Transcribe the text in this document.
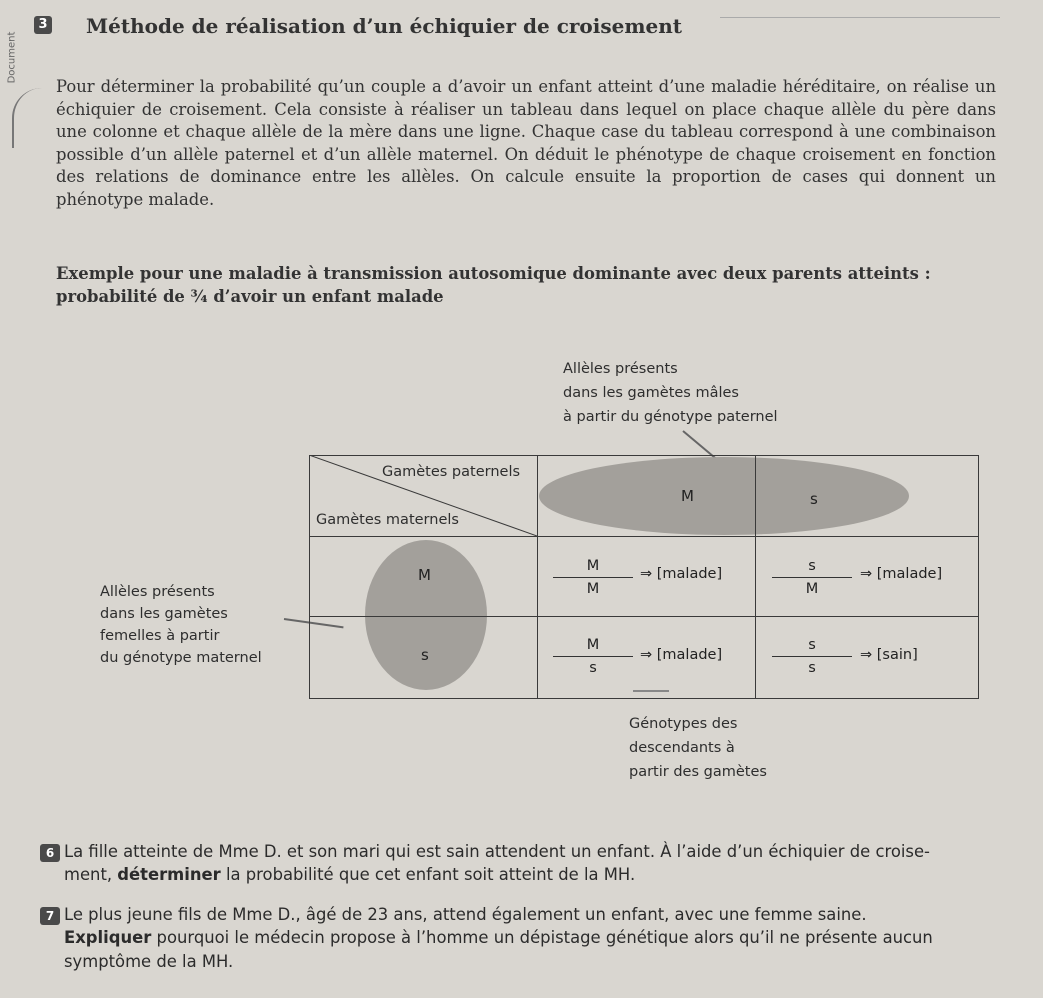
Document
3 Méthode de réalisation d’un échiquier de croisement
Pour déterminer la probabilité qu’un couple a d’avoir un enfant atteint d’une maladie héréditaire, on réalise un échiquier de croisement. Cela consiste à réaliser un tableau dans lequel on place chaque allèle du père dans une colonne et chaque allèle de la mère dans une ligne. Chaque case du tableau correspond à une combinaison possible d’un allèle paternel et d’un allèle maternel. On déduit le phénotype de chaque croisement en fonction des relations de dominance entre les allèles. On calcule ensuite la proportion de cases qui donnent un phénotype malade.
Exemple pour une maladie à transmission autosomique dominante avec deux parents atteints : probabilité de ¾ d’avoir un enfant malade
Allèles présents
dans les gamètes mâles
à partir du génotype paternel
Allèles présents
dans les gamètes
femelles à partir
du génotype maternel
Génotypes des
descendants à
partir des gamètes
Gamètes paternels
Gamètes maternels
M	s
M
s
M
M
⇒ [malade]	s
M
⇒ [malade]
M
s
⇒ [malade]
s
s
⇒ [sain]
6 La fille atteinte de Mme D. et son mari qui est sain attendent un enfant. À l’aide d’un échiquier de croise-
ment, déterminer la probabilité que cet enfant soit atteint de la MH.
7 Le plus jeune fils de Mme D., âgé de 23 ans, attend également un enfant, avec une femme saine.
Expliquer pourquoi le médecin propose à l’homme un dépistage génétique alors qu’il ne présente aucun
symptôme de la MH.
